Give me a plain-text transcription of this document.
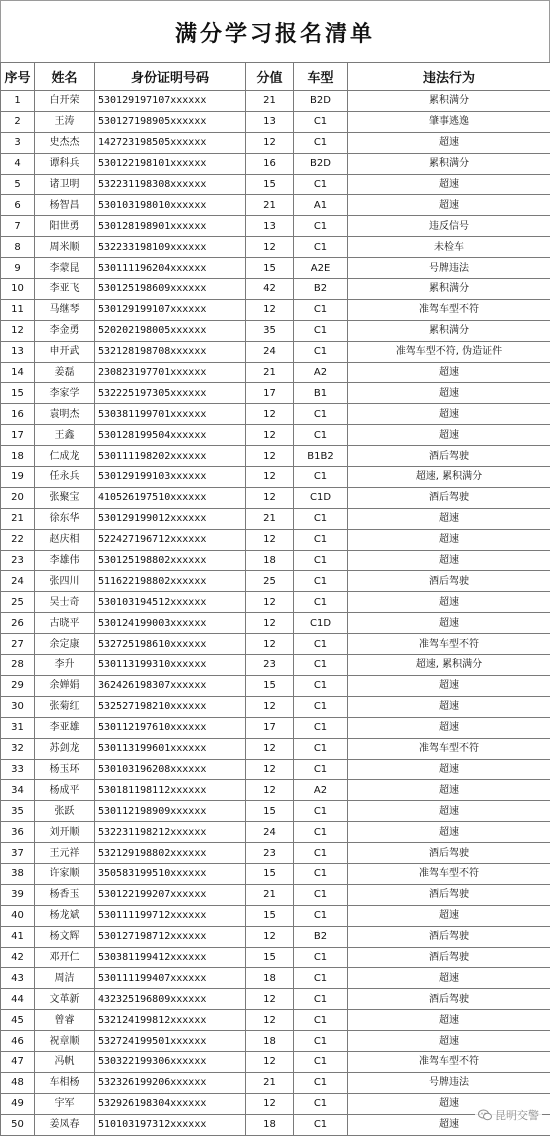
满分学习报名清单
序号	姓名	身份证明号码	分值	车型	违法行为
1	白开荣	530129197107xxxxxx	21	B2D	累积满分
2	王涛	530127198905xxxxxx	13	C1	肇事逃逸
3	史杰杰	142723198505xxxxxx	12	C1	超速
4	谭科兵	530122198101xxxxxx	16	B2D	累积满分
5	诸卫明	532231198308xxxxxx	15	C1	超速
6	杨智昌	530103198010xxxxxx	21	A1	超速
7	阳世勇	530128198901xxxxxx	13	C1	违反信号
8	周米顺	532233198109xxxxxx	12	C1	未检车
9	李蒙昆	530111196204xxxxxx	15	A2E	号牌违法
10	李亚飞	530125198609xxxxxx	42	B2	累积满分
11	马继琴	530129199107xxxxxx	12	C1	准驾车型不符
12	李金勇	520202198005xxxxxx	35	C1	累积满分
13	申开武	532128198708xxxxxx	24	C1	准驾车型不符, 伪造证件
14	姜磊	230823197701xxxxxx	21	A2	超速
15	李家学	532225197305xxxxxx	17	B1	超速
16	袁明杰	530381199701xxxxxx	12	C1	超速
17	王鑫	530128199504xxxxxx	12	C1	超速
18	仁成龙	530111198202xxxxxx	12	B1B2	酒后驾驶
19	任永兵	530129199103xxxxxx	12	C1	超速, 累积满分
20	张聚宝	410526197510xxxxxx	12	C1D	酒后驾驶
21	徐东华	530129199012xxxxxx	21	C1	超速
22	赵庆相	522427196712xxxxxx	12	C1	超速
23	李雄伟	530125198802xxxxxx	18	C1	超速
24	张四川	511622198802xxxxxx	25	C1	酒后驾驶
25	吴士奇	530103194512xxxxxx	12	C1	超速
26	古晓平	530124199003xxxxxx	12	C1D	超速
27	余定康	532725198610xxxxxx	12	C1	准驾车型不符
28	李升	530113199310xxxxxx	23	C1	超速, 累积满分
29	余婵娟	362426198307xxxxxx	15	C1	超速
30	张菊红	532527198210xxxxxx	12	C1	超速
31	李亚雄	530112197610xxxxxx	17	C1	超速
32	苏剑龙	530113199601xxxxxx	12	C1	准驾车型不符
33	杨玉环	530103196208xxxxxx	12	C1	超速
34	杨成平	530181198112xxxxxx	12	A2	超速
35	张跃	530112198909xxxxxx	15	C1	超速
36	刘开顺	532231198212xxxxxx	24	C1	超速
37	王元祥	532129198802xxxxxx	23	C1	酒后驾驶
38	许家顺	350583199510xxxxxx	15	C1	准驾车型不符
39	杨香玉	530122199207xxxxxx	21	C1	酒后驾驶
40	杨龙斌	530111199712xxxxxx	15	C1	超速
41	杨文辉	530127198712xxxxxx	12	B2	酒后驾驶
42	邓开仁	530381199412xxxxxx	15	C1	酒后驾驶
43	周洁	530111199407xxxxxx	18	C1	超速
44	文革新	432325196809xxxxxx	12	C1	酒后驾驶
45	曾睿	532124199812xxxxxx	12	C1	超速
46	祝章顺	532724199501xxxxxx	18	C1	超速
47	冯帆	530322199306xxxxxx	12	C1	准驾车型不符
48	车相杨	532326199206xxxxxx	21	C1	号牌违法
49	宇军	532926198304xxxxxx	12	C1	超速
50	姜凤春	510103197312xxxxxx	18	C1	超速
昆明交警
